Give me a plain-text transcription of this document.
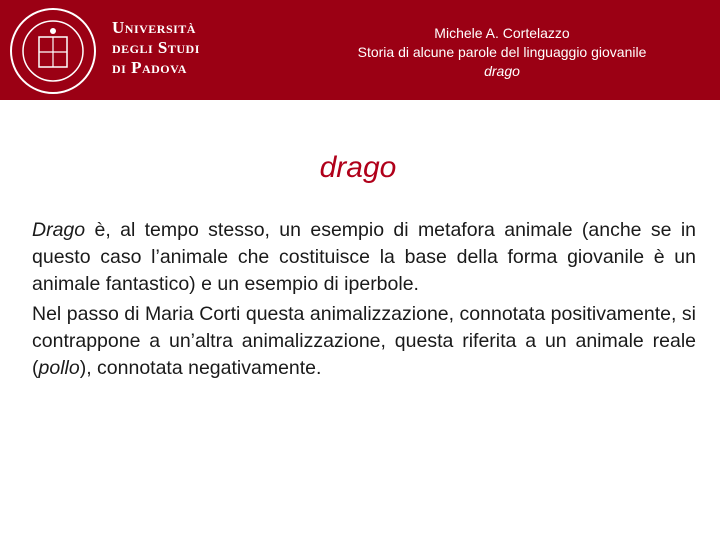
Università
degli Studi
di Padova
Michele A. Cortelazzo
Storia di alcune parole del linguaggio giovanile
drago
drago

Drago è, al tempo stesso, un esempio di metafora animale (anche se in questo caso l’animale che costituisce la base della forma giovanile è un animale fantastico) e un esempio di iperbole.

Nel passo di Maria Corti questa animalizzazione, connotata positivamente, si contrappone a un’altra animalizzazione, questa riferita a un animale reale (pollo), connotata negativamente.
